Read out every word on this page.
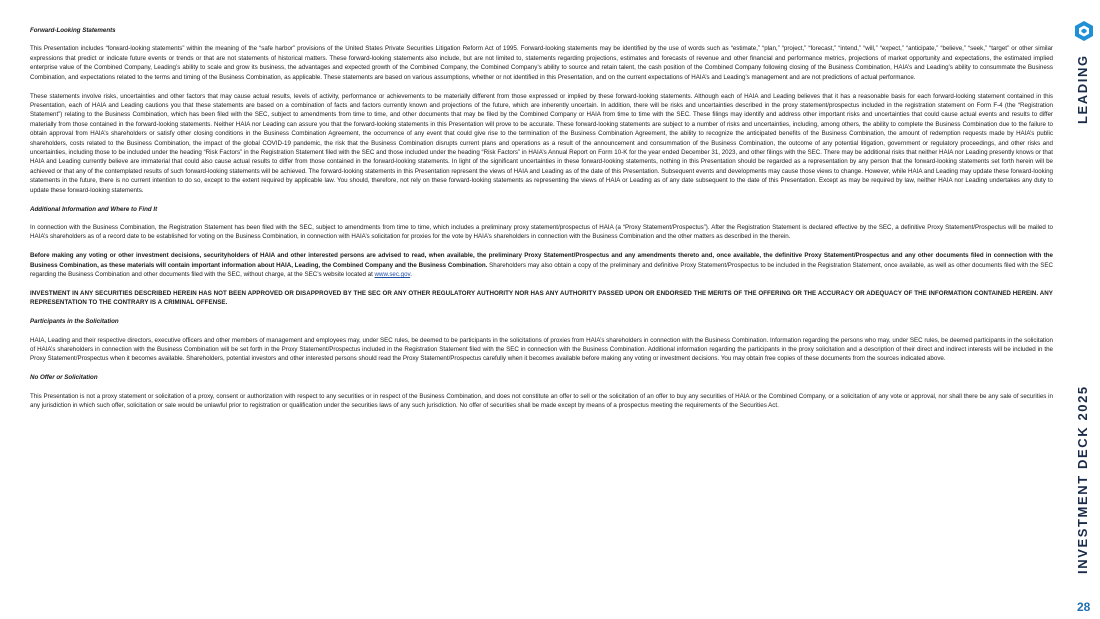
Forward-Looking Statements
This Presentation includes “forward-looking statements” within the meaning of the “safe harbor” provisions of the United States Private Securities Litigation Reform Act of 1995. Forward-looking statements may be identified by the use of words such as “estimate,” “plan,” “project,” “forecast,” “intend,” “will,” “expect,” “anticipate,” “believe,” “seek,” “target” or other similar expressions that predict or indicate future events or trends or that are not statements of historical matters. These forward-looking statements also include, but are not limited to, statements regarding projections, estimates and forecasts of revenue and other financial and performance metrics, projections of market opportunity and expectations, the estimated implied enterprise value of the Combined Company, Leading’s ability to scale and grow its business, the advantages and expected growth of the Combined Company, the Combined Company’s ability to source and retain talent, the cash position of the Combined Company following closing of the Business Combination, HAIA’s and Leading’s ability to consummate the Business Combination, and expectations related to the terms and timing of the Business Combination, as applicable. These statements are based on various assumptions, whether or not identified in this Presentation, and on the current expectations of HAIA’s and Leading’s management and are not predictions of actual performance.
These statements involve risks, uncertainties and other factors that may cause actual results, levels of activity, performance or achievements to be materially different from those expressed or implied by these forward-looking statements. Although each of HAIA and Leading believes that it has a reasonable basis for each forward-looking statement contained in this Presentation, each of HAIA and Leading cautions you that these statements are based on a combination of facts and factors currently known and projections of the future, which are inherently uncertain. In addition, there will be risks and uncertainties described in the proxy statement/prospectus included in the registration statement on Form F-4 (the “Registration Statement”) relating to the Business Combination, which has been filed with the SEC, subject to amendments from time to time, and other documents that may be filed by the Combined Company or HAIA from time to time with the SEC. These filings may identify and address other important risks and uncertainties that could cause actual events and results to differ materially from those contained in the forward-looking statements. Neither HAIA nor Leading can assure you that the forward-looking statements in this Presentation will prove to be accurate. These forward-looking statements are subject to a number of risks and uncertainties, including, among others, the ability to complete the Business Combination due to the failure to obtain approval from HAIA’s shareholders or satisfy other closing conditions in the Business Combination Agreement, the occurrence of any event that could give rise to the termination of the Business Combination Agreement, the ability to recognize the anticipated benefits of the Business Combination, the amount of redemption requests made by HAIA’s public shareholders, costs related to the Business Combination, the impact of the global COVID-19 pandemic, the risk that the Business Combination disrupts current plans and operations as a result of the announcement and consummation of the Business Combination, the outcome of any potential litigation, government or regulatory proceedings, and other risks and uncertainties, including those to be included under the heading “Risk Factors” in the Registration Statement filed with the SEC and those included under the heading “Risk Factors” in HAIA’s Annual Report on Form 10-K for the year ended December 31, 2023, and other filings with the SEC. There may be additional risks that neither HAIA nor Leading presently knows or that HAIA and Leading currently believe are immaterial that could also cause actual results to differ from those contained in the forward-looking statements. In light of the significant uncertainties in these forward-looking statements, nothing in this Presentation should be regarded as a representation by any person that the forward-looking statements set forth herein will be achieved or that any of the contemplated results of such forward-looking statements will be achieved. The forward-looking statements in this Presentation represent the views of HAIA and Leading as of the date of this Presentation. Subsequent events and developments may cause those views to change. However, while HAIA and Leading may update these forward-looking statements in the future, there is no current intention to do so, except to the extent required by applicable law. You should, therefore, not rely on these forward-looking statements as representing the views of HAIA or Leading as of any date subsequent to the date of this Presentation. Except as may be required by law, neither HAIA nor Leading undertakes any duty to update these forward-looking statements.
Additional Information and Where to Find It
In connection with the Business Combination, the Registration Statement has been filed with the SEC, subject to amendments from time to time, which includes a preliminary proxy statement/prospectus of HAIA (a “Proxy Statement/Prospectus”). After the Registration Statement is declared effective by the SEC, a definitive Proxy Statement/Prospectus will be mailed to HAIA’s shareholders as of a record date to be established for voting on the Business Combination, in connection with HAIA’s solicitation for proxies for the vote by HAIA’s shareholders in connection with the Business Combination and the other matters as described in the therein.
Before making any voting or other investment decisions, securityholders of HAIA and other interested persons are advised to read, when available, the preliminary Proxy Statement/Prospectus and any amendments thereto and, once available, the definitive Proxy Statement/Prospectus and any other documents filed in connection with the Business Combination, as these materials will contain important information about HAIA, Leading, the Combined Company and the Business Combination. Shareholders may also obtain a copy of the preliminary and definitive Proxy Statement/Prospectus to be included in the Registration Statement, once available, as well as other documents filed with the SEC regarding the Business Combination and other documents filed with the SEC, without charge, at the SEC’s website located at www.sec.gov.
INVESTMENT IN ANY SECURITIES DESCRIBED HEREIN HAS NOT BEEN APPROVED OR DISAPPROVED BY THE SEC OR ANY OTHER REGULATORY AUTHORITY NOR HAS ANY AUTHORITY PASSED UPON OR ENDORSED THE MERITS OF THE OFFERING OR THE ACCURACY OR ADEQUACY OF THE INFORMATION CONTAINED HEREIN. ANY REPRESENTATION TO THE CONTRARY IS A CRIMINAL OFFENSE.
Participants in the Solicitation
HAIA, Leading and their respective directors, executive officers and other members of management and employees may, under SEC rules, be deemed to be participants in the solicitations of proxies from HAIA’s shareholders in connection with the Business Combination. Information regarding the persons who may, under SEC rules, be deemed participants in the solicitation of HAIA’s shareholders in connection with the Business Combination will be set forth in the Proxy Statement/Prospectus included in the Registration Statement filed with the SEC in connection with the Business Combination. Additional information regarding the participants in the proxy solicitation and a description of their direct and indirect interests will be included in the Proxy Statement/Prospectus when it becomes available. Shareholders, potential investors and other interested persons should read the Proxy Statement/Prospectus carefully when it becomes available before making any voting or investment decisions. You may obtain free copies of these documents from the sources indicated above.
No Offer or Solicitation
This Presentation is not a proxy statement or solicitation of a proxy, consent or authorization with respect to any securities or in respect of the Business Combination, and does not constitute an offer to sell or the solicitation of an offer to buy any securities of HAIA or the Combined Company, or a solicitation of any vote or approval, nor shall there be any sale of securities in any jurisdiction in which such offer, solicitation or sale would be unlawful prior to registration or qualification under the securities laws of any such jurisdiction. No offer of securities shall be made except by means of a prospectus meeting the requirements of the Securities Act.
LEADING
INVESTMENT DECK 2025
28
